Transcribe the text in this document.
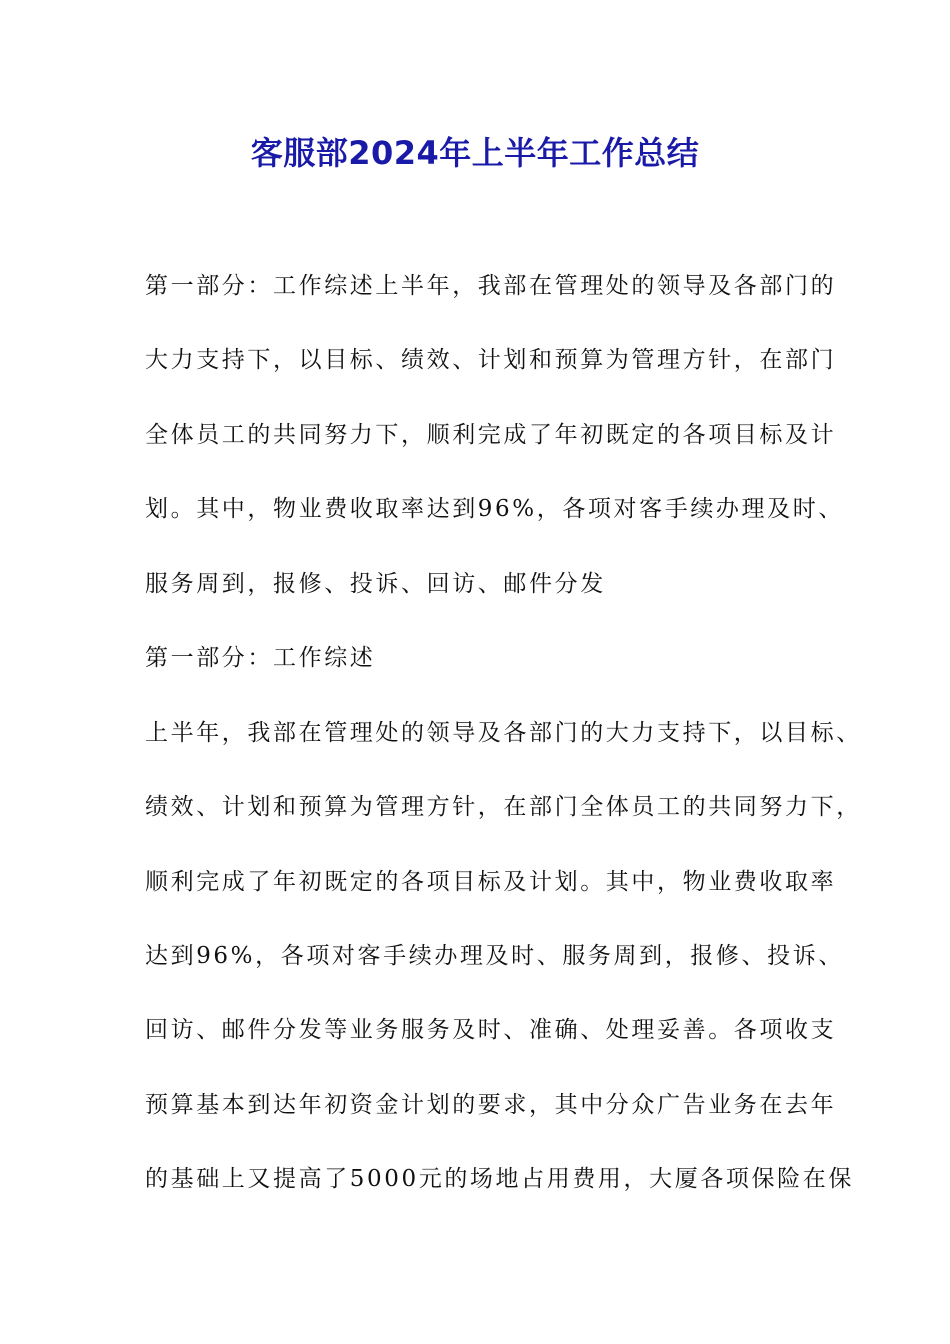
客服部2024年上半年工作总结
第一部分：工作综述上半年，我部在管理处的领导及各部门的
大力支持下，以目标、绩效、计划和预算为管理方针，在部门
全体员工的共同努力下，顺利完成了年初既定的各项目标及计
划。其中，物业费收取率达到96%，各项对客手续办理及时、
服务周到，报修、投诉、回访、邮件分发
第一部分：工作综述
上半年，我部在管理处的领导及各部门的大力支持下，以目标、
绩效、计划和预算为管理方针，在部门全体员工的共同努力下，
顺利完成了年初既定的各项目标及计划。其中，物业费收取率
达到96%，各项对客手续办理及时、服务周到，报修、投诉、
回访、邮件分发等业务服务及时、准确、处理妥善。各项收支
预算基本到达年初资金计划的要求，其中分众广告业务在去年
的基础上又提高了5000元的场地占用费用，大厦各项保险在保
